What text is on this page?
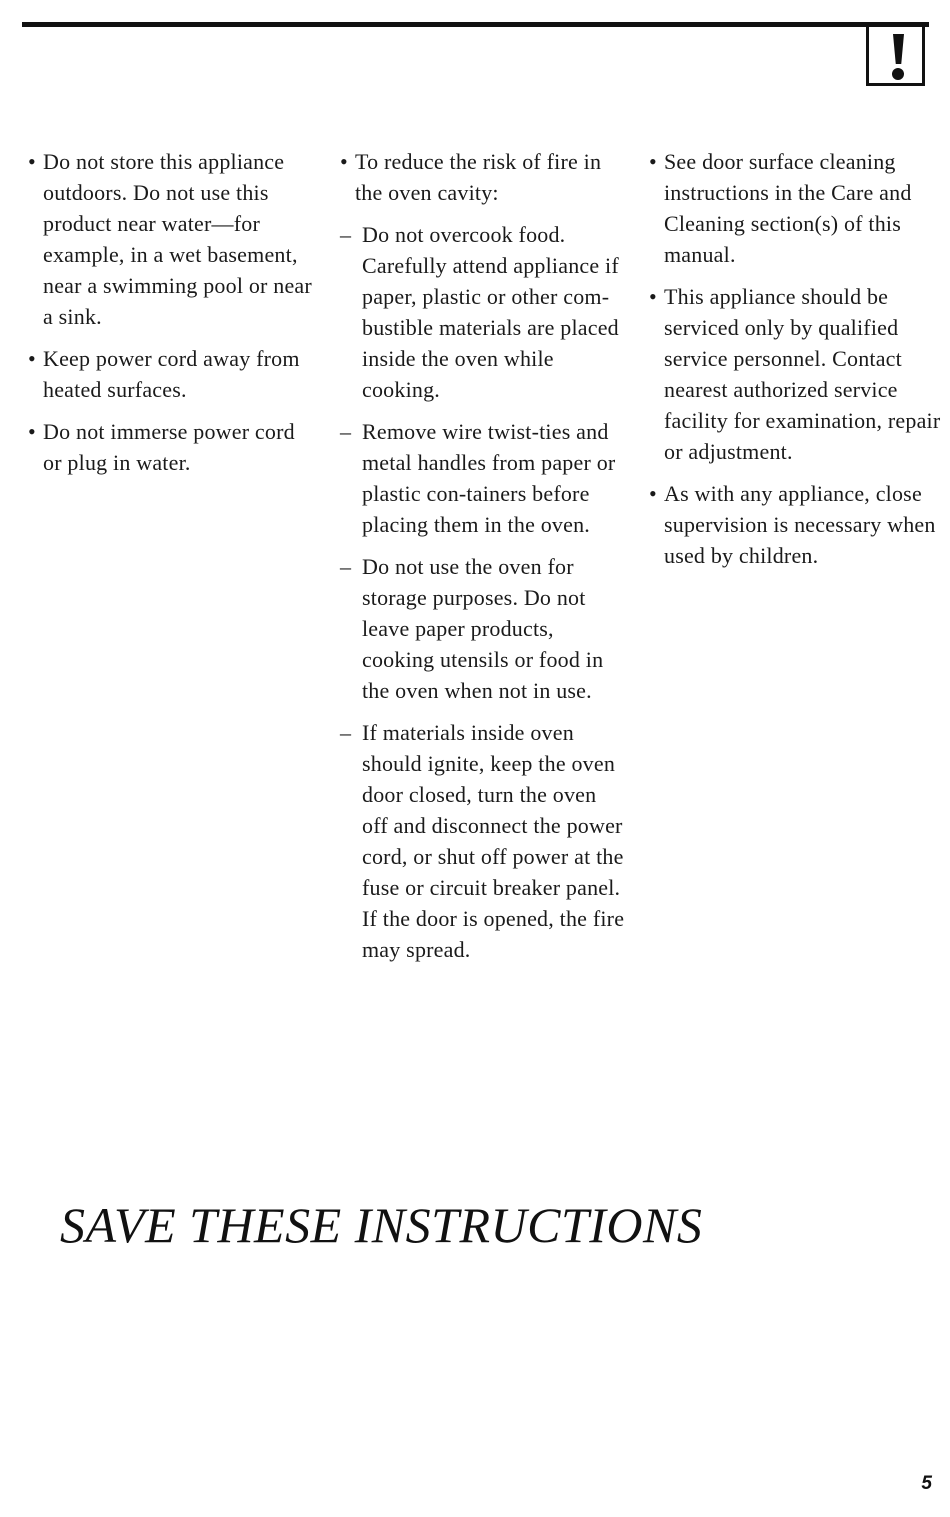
• Do not store this appliance outdoors. Do not use this product near water—for example, in a wet basement, near a swimming pool or near a sink.

• Keep power cord away from heated surfaces.

• Do not immerse power cord or plug in water.

• To reduce the risk of fire in the oven cavity:

– Do not overcook food. Carefully attend appliance if paper, plastic or other com-bustible materials are placed inside the oven while cooking.

– Remove wire twist-ties and metal handles from paper or plastic con-tainers before placing them in the oven.

– Do not use the oven for storage purposes. Do not leave paper products, cooking utensils or food in the oven when not in use.

– If materials inside oven should ignite, keep the oven door closed, turn the oven off and disconnect the power cord, or shut off power at the fuse or circuit breaker panel. If the door is opened, the fire may spread.

• See door surface cleaning instructions in the Care and Cleaning section(s) of this manual.

• This appliance should be serviced only by qualified service personnel. Contact nearest authorized service facility for examination, repair or adjustment.

• As with any appliance, close supervision is necessary when used by children.

SAVE THESE INSTRUCTIONS
5
